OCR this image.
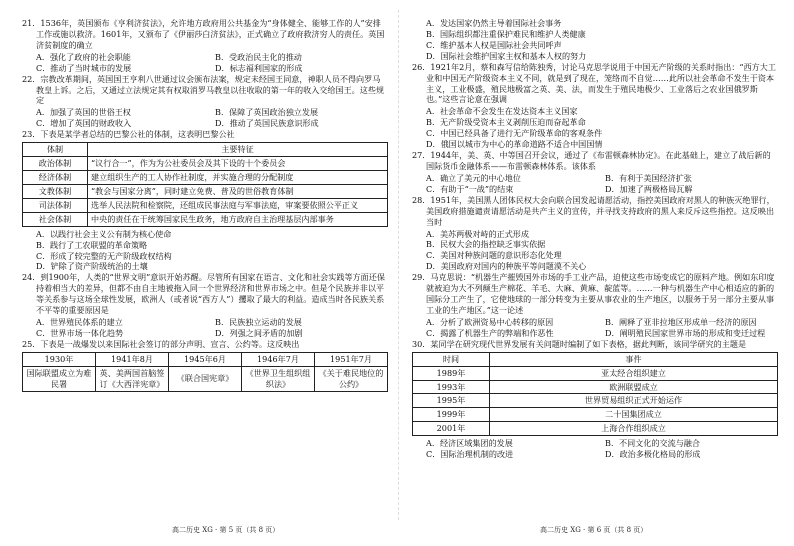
21．1536年，英国颁布《亨利济贫法》，允许地方政府用公共基金为“身体健全、能够工作的人”安排工作或施以救济。1601年，又颁布了《伊丽莎白济贫法》，正式确立了政府救济穷人的责任。英国济贫制度的确立
A．强化了政府的社会职能	B．受政治民主化的推动
C．推动了当时城市的发展	D．标志福利国家的形成
22．宗教改革期间，英国国王亨利八世通过议会颁布法案，规定未经国王同意，神职人员不得向罗马教皇上诉。之后，又通过立法规定其有权取消罗马教皇以往收取的第一年的收入交给国王。这些规定
A．加强了英国的世俗王权	B．保障了英国政治独立发展
C．增加了英国的财政收入	D．推动了英国民族意识形成
23．下表是某学者总结的巴黎公社的体制，这表明巴黎公社
体制	主要特征
政治体制	“议行合一”，作为为公社委员会及其下设的十个委员会
经济体制	建立组织生产的工人协作社制度，并实施合理的分配制度
文教体制	“教会与国家分离”，同时建立免费、普及的世俗教育体制
司法体制	选举人民法院和检察院，还组成民事法庭与军事法庭，审案要依照公平正义
社会体制	中央的责任在于统筹国家民生政务，地方政府自主治理基层内部事务
A．以践行社会主义公有制为核心使命
B．践行了工农联盟的革命策略
C．形成了较完整的无产阶级政权结构
D．铲除了资产阶级统治的土壤
24．到1900年，人类的“世界文明”意识开始苏醒。尽管所有国家在语言、文化和社会实践等方面还保持着相当大的差异，但都不由自主地被拖入同一个世界经济和世界市场之中。但是个民族并非以平等关系参与这场全球性发展，欧洲人（或者说“西方人”）攫取了最大的利益。造成当时各民族关系不平等的重要原因是
A．世界殖民体系的建立	B．民族独立运动的发展
C．世界市场一体化趋势	D．列强之间矛盾的加剧
25．下表是一战爆发以来国际社会签订的部分声明、宣言、公约等。这反映出
1930年	1941年8月	1945年6月	1946年7月	1951年7月
国际联盟成立为难民署	英、美两国首脑签订《大西洋宪章》	《联合国宪章》	《世界卫生组织组织法》	《关于难民地位的公约》
高二历史 XG · 第 5 页（共 8 页）
A．发达国家仍然主导着国际社会事务
B．国际组织都注重保护难民和维护人类健康
C．维护基本人权是国际社会共同呼声
D．国际社会维护国家主权和基本人权的努力
26．1921年2月，蔡和森写信给陈独秀，讨论马克思学说用于中国无产阶级的关系时指出：“西方大工业和中国无产阶级资本主义不同，就是到了现在，笼络而不自觉……此所以社会革命不发生于资本主义，工业极盛，殖民地极富之英、美、法，而发生于殖民地极少、工业落后之农业国俄罗斯也。”这些言论意在强调
A．社会革命不会发生在发达资本主义国家
B．无产阶级受资本主义剥削压迫而奋起革命
C．中国已经具备了进行无产阶级革命的客观条件
D．俄国以城市为中心的革命道路不适合中国国情
27．1944年，美、英、中等国召开会议，通过了《布雷顿森林协定》。在此基础上，建立了战后新的国际货币金融体系——布雷顿森林体系。该体系
A．确立了美元的中心地位	B．有利于美国经济扩张
C．有助于“一战”的结束	D．加速了两极格局瓦解
28．1951年，美国黑人团体民权大会向联合国发起请愿活动，指控美国政府对黑人的种族灭绝罪行，美国政府措施谴责请愿活动是共产主义的宣传，并寻找支持政府的黑人来反斥这些指控。这反映出当时
A．美苏两极对峙的正式形成
B．民权大会的指控缺乏事实依据
C．美国对种族问题的意识形态化处理
D．美国政府对国内的种族平等问题漠不关心
29．马克思说：“机器生产摧毁国外市场的手工业产品，迫使这些市场变成它的原料产地。例如东印度就被迫为大不列颠生产棉花、羊毛、大麻、黄麻、靛蓝等。……一种与机器生产中心相适应的新的国际分工产生了，它使地球的一部分转变为主要从事农业的生产地区，以服务于另一部分主要从事工业的生产地区。”这一论述
A．分析了欧洲资易中心转移的原因	B．阐释了亚非拉地区形成单一经济的原因
C．揭露了机器生产的弊端和作恶性	D．阐明殖民国家世界市场的形成和变迁过程
30．某同学在研究现代世界发展有关问题时编制了如下表格，据此判断，该同学研究的主题是
时间	事件
1989年	亚太经合组织建立
1993年	欧洲联盟成立
1995年	世界贸易组织正式开始运作
1999年	二十国集团成立
2001年	上海合作组织成立
A．经济区域集团的发展	B．不同文化的交流与融合
C．国际治理机制的改进	D．政治多极化格局的形成
高二历史 XG · 第 6 页（共 8 页）
